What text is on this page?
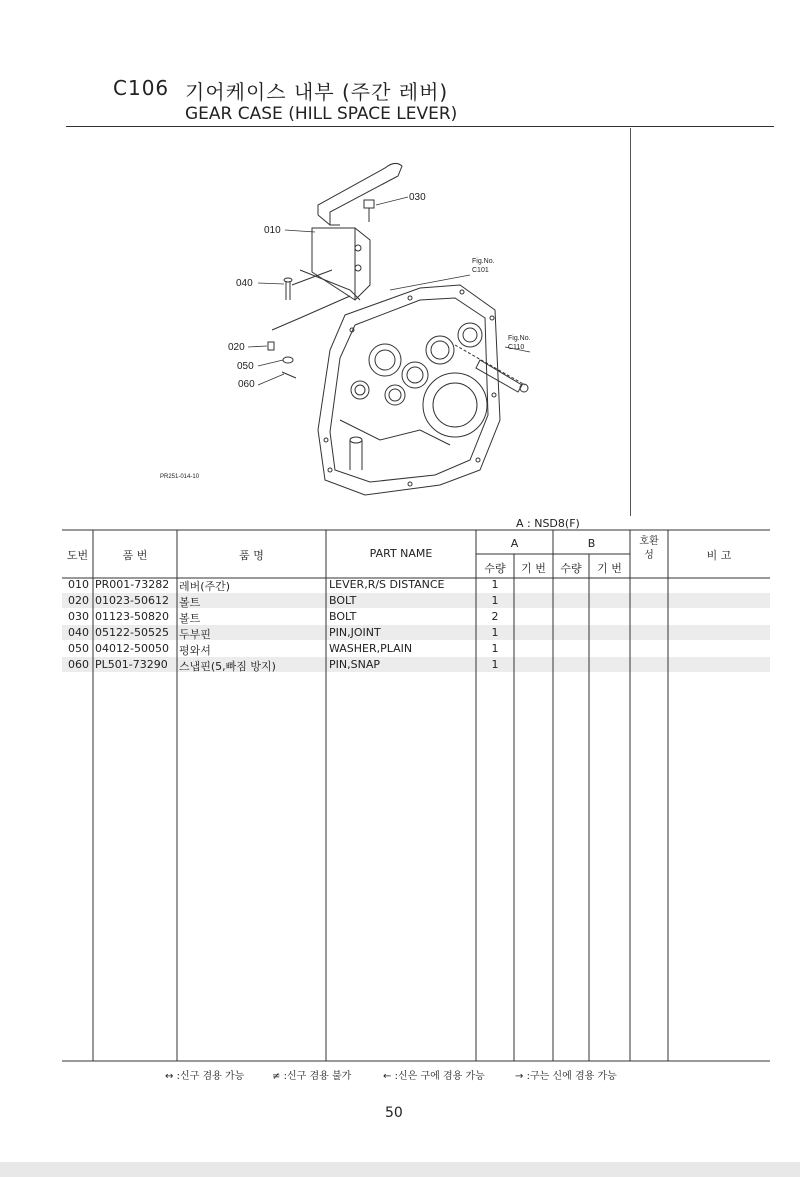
C106 기어케이스 내부 (주간 레버)
GEAR CASE (HILL SPACE LEVER)
010
020
030
040
050
060
Fig.No.
C101
Fig.No.
C110
PR251-014-10
A : NSD8(F)
도번	품 번	품 명	PART NAME
A	B
수량	기 번	수량	기 번
호환성	비 고
010 PR001-73282 레버(주간)	LEVER,R/S DISTANCE	1
020 01023-50612 볼트	BOLT	1
030 01123-50820 볼트	BOLT	2
040 05122-50525 두부핀	PIN,JOINT	1
050 04012-50050 평와셔	WASHER,PLAIN	1
060 PL501-73290 스냅핀(5,빠짐 방지)	PIN,SNAP	1
↔ :신구 겸용 가능	≠ :신구 겸용 불가	← :신은 구에 겸용 가능	→ :구는 신에 겸용 가능
50
